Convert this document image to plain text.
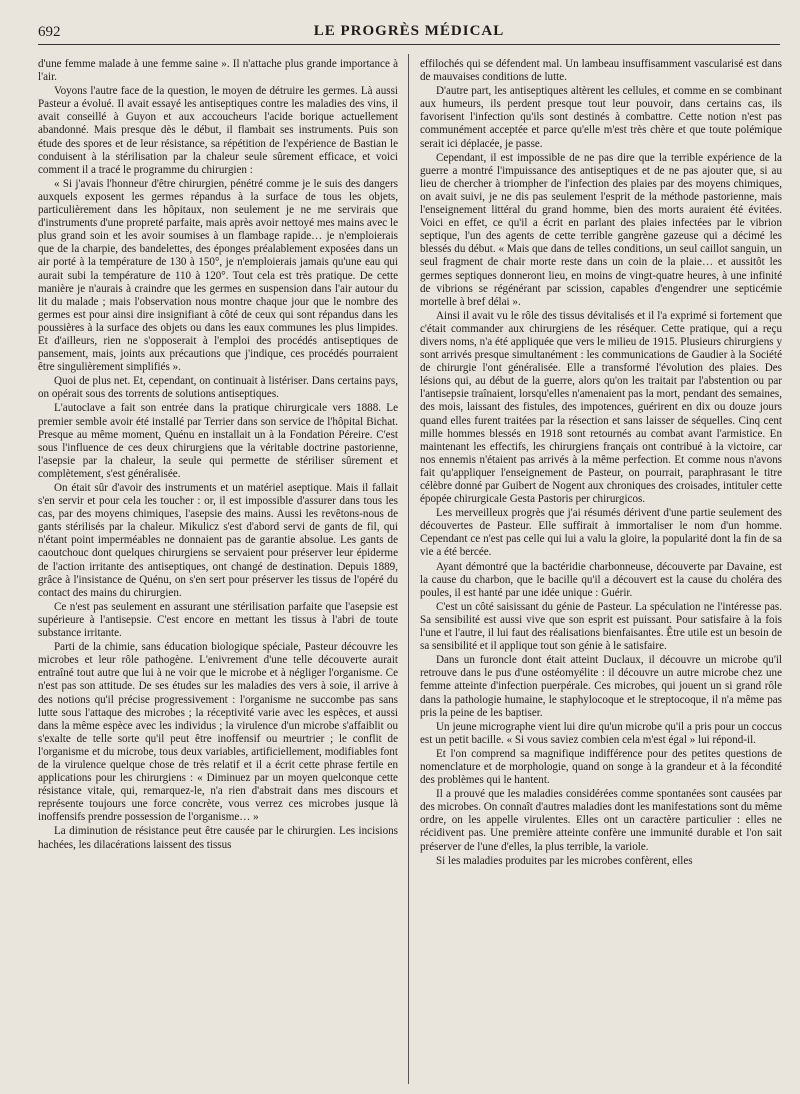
692	LE PROGRÈS MÉDICAL

d'une femme malade à une femme saine ». Il n'attache plus grande importance à l'air.

Voyons l'autre face de la question, le moyen de détruire les germes. Là aussi Pasteur a évolué. Il avait essayé les antiseptiques contre les maladies des vins, il avait conseillé à Guyon et aux accoucheurs l'acide borique actuellement abandonné. Mais presque dès le début, il flambait ses instruments. Puis son étude des spores et de leur résistance, sa répétition de l'expérience de Bastian le conduisent à la stérilisation par la chaleur seule sûrement efficace, et voici comment il a tracé le programme du chirurgien :

« Si j'avais l'honneur d'être chirurgien, pénétré comme je le suis des dangers auxquels exposent les germes répandus à la surface de tous les objets, particulièrement dans les hôpitaux, non seulement je ne me servirais que d'instruments d'une propreté parfaite, mais après avoir nettoyé mes mains avec le plus grand soin et les avoir soumises à un flambage rapide… je n'emploierais que de la charpie, des bandelettes, des éponges préalablement exposées dans un air porté à la température de 130 à 150°, je n'emploierais jamais qu'une eau qui aurait subi la température de 110 à 120°. Tout cela est très pratique. De cette manière je n'aurais à craindre que les germes en suspension dans l'air autour du lit du malade ; mais l'observation nous montre chaque jour que le nombre des germes est pour ainsi dire insignifiant à côté de ceux qui sont répandus dans les poussières à la surface des objets ou dans les eaux communes les plus limpides. Et d'ailleurs, rien ne s'opposerait à l'emploi des procédés antiseptiques de pansement, mais, joints aux précautions que j'indique, ces procédés pourraient être singulièrement simplifiés ».

Quoi de plus net. Et, cependant, on continuait à listériser. Dans certains pays, on opérait sous des torrents de solutions antiseptiques.

L'autoclave a fait son entrée dans la pratique chirurgicale vers 1888. Le premier semble avoir été installé par Terrier dans son service de l'hôpital Bichat. Presque au même moment, Quénu en installait un à la Fondation Péreire. C'est sous l'influence de ces deux chirurgiens que la véritable doctrine pastorienne, l'asepsie par la chaleur, la seule qui permette de stériliser sûrement et complètement, s'est généralisée.

On était sûr d'avoir des instruments et un matériel aseptique. Mais il fallait s'en servir et pour cela les toucher : or, il est impossible d'assurer dans tous les cas, par des moyens chimiques, l'asepsie des mains. Aussi les revêtons-nous de gants stérilisés par la chaleur. Mikulicz s'est d'abord servi de gants de fil, qui n'étant point imperméables ne donnaient pas de garantie absolue. Les gants de caoutchouc dont quelques chirurgiens se servaient pour préserver leur épiderme de l'action irritante des antiseptiques, ont changé de destination. Depuis 1889, grâce à l'insistance de Quénu, on s'en sert pour préserver les tissus de l'opéré du contact des mains du chirurgien.

Ce n'est pas seulement en assurant une stérilisation parfaite que l'asepsie est supérieure à l'antisepsie. C'est encore en mettant les tissus à l'abri de toute substance irritante.

Parti de la chimie, sans éducation biologique spéciale, Pasteur découvre les microbes et leur rôle pathogène. L'enivrement d'une telle découverte aurait entraîné tout autre que lui à ne voir que le microbe et à négliger l'organisme. Ce n'est pas son attitude. De ses études sur les maladies des vers à soie, il arrive à des notions qu'il précise progressivement : l'organisme ne succombe pas sans lutte sous l'attaque des microbes ; la réceptivité varie avec les espèces, et aussi dans la même espèce avec les individus ; la virulence d'un microbe s'affaiblit ou s'exalte de telle sorte qu'il peut être inoffensif ou meurtrier ; le conflit de l'organisme et du microbe, tous deux variables, artificiellement, modifiables font de la virulence quelque chose de très relatif et il a écrit cette phrase fertile en applications pour les chirurgiens : « Diminuez par un moyen quelconque cette résistance vitale, qui, remarquez-le, n'a rien d'abstrait dans mes discours et représente toujours une force concrète, vous verrez ces microbes jusque là inoffensifs prendre possession de l'organisme… »

La diminution de résistance peut être causée par le chirurgien. Les incisions hachées, les dilacérations laissent des tissus

effilochés qui se défendent mal. Un lambeau insuffisamment vascularisé est dans de mauvaises conditions de lutte.

D'autre part, les antiseptiques altèrent les cellules, et comme en se combinant aux humeurs, ils perdent presque tout leur pouvoir, dans certains cas, ils favorisent l'infection qu'ils sont destinés à combattre. Cette notion n'est pas communément acceptée et parce qu'elle m'est très chère et que toute polémique serait ici déplacée, je passe.

Cependant, il est impossible de ne pas dire que la terrible expérience de la guerre a montré l'impuissance des antiseptiques et de ne pas ajouter que, si au lieu de chercher à triompher de l'infection des plaies par des moyens chimiques, on avait suivi, je ne dis pas seulement l'esprit de la méthode pastorienne, mais l'enseignement littéral du grand homme, bien des morts auraient été évitées. Voici en effet, ce qu'il a écrit en parlant des plaies infectées par le vibrion septique, l'un des agents de cette terrible gangrène gazeuse qui a décimé les blessés du début. « Mais que dans de telles conditions, un seul caillot sanguin, un seul fragment de chair morte reste dans un coin de la plaie… et aussitôt les germes septiques donneront lieu, en moins de vingt-quatre heures, à une infinité de vibrions se régénérant par scission, capables d'engendrer une septicémie mortelle à bref délai ».

Ainsi il avait vu le rôle des tissus dévitalisés et il l'a exprimé si fortement que c'était commander aux chirurgiens de les réséquer. Cette pratique, qui a reçu divers noms, n'a été appliquée que vers le milieu de 1915. Plusieurs chirurgiens y sont arrivés presque simultanément : les communications de Gaudier à la Société de chirurgie l'ont généralisée. Elle a transformé l'évolution des plaies. Des lésions qui, au début de la guerre, alors qu'on les traitait par l'abstention ou par l'antisepsie traînaient, lorsqu'elles n'amenaient pas la mort, pendant des semaines, des mois, laissant des fistules, des impotences, guérirent en dix ou douze jours quand elles furent traitées par la résection et sans laisser de séquelles. Cinq cent mille hommes blessés en 1918 sont retournés au combat avant l'armistice. En maintenant les effectifs, les chirurgiens français ont contribué à la victoire, car nos ennemis n'étaient pas arrivés à la même perfection. Et comme nous n'avons fait qu'appliquer l'enseignement de Pasteur, on pourrait, paraphrasant le titre célèbre donné par Guibert de Nogent aux chroniques des croisades, intituler cette épopée chirurgicale Gesta Pastoris per chirurgicos.

Les merveilleux progrès que j'ai résumés dérivent d'une partie seulement des découvertes de Pasteur. Elle suffirait à immortaliser le nom d'un homme. Cependant ce n'est pas celle qui lui a valu la gloire, la popularité dont la fin de sa vie a été bercée.

Ayant démontré que la bactéridie charbonneuse, découverte par Davaine, est la cause du charbon, que le bacille qu'il a découvert est la cause du choléra des poules, il est hanté par une idée unique : Guérir.

C'est un côté saisissant du génie de Pasteur. La spéculation ne l'intéresse pas. Sa sensibilité est aussi vive que son esprit est puissant. Pour satisfaire à la fois l'une et l'autre, il lui faut des réalisations bienfaisantes. Être utile est un besoin de sa sensibilité et il applique tout son génie à le satisfaire.

Dans un furoncle dont était atteint Duclaux, il découvre un microbe qu'il retrouve dans le pus d'une ostéomyélite : il découvre un autre microbe chez une femme atteinte d'infection puerpérale. Ces microbes, qui jouent un si grand rôle dans la pathologie humaine, le staphylocoque et le streptocoque, il n'a même pas pris la peine de les baptiser.

Un jeune micrographe vient lui dire qu'un microbe qu'il a pris pour un coccus est un petit bacille. « Si vous saviez combien cela m'est égal » lui répond-il.

Et l'on comprend sa magnifique indifférence pour des petites questions de nomenclature et de morphologie, quand on songe à la grandeur et à la fécondité des problèmes qui le hantent.

Il a prouvé que les maladies considérées comme spontanées sont causées par des microbes. On connaît d'autres maladies dont les manifestations sont du même ordre, on les appelle virulentes. Elles ont un caractère particulier : elles ne récidivent pas. Une première atteinte confère une immunité durable et l'on sait préserver de l'une d'elles, la plus terrible, la variole.

Si les maladies produites par les microbes confèrent, elles
